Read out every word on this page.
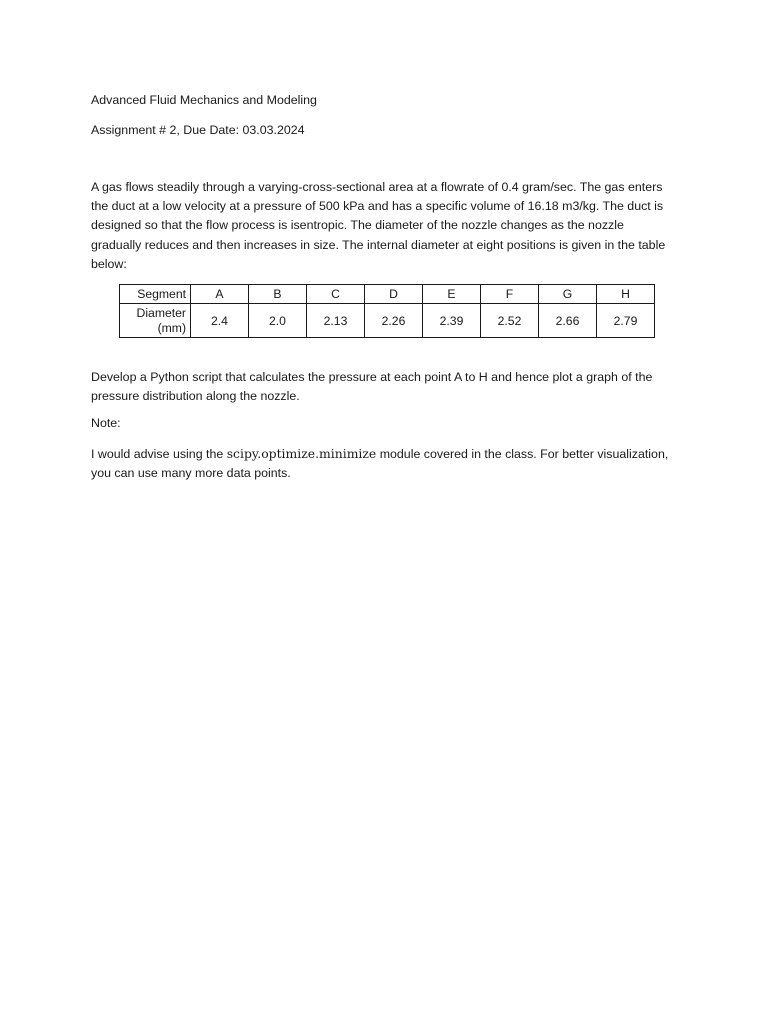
Advanced Fluid Mechanics and Modeling
Assignment # 2, Due Date: 03.03.2024
A gas flows steadily through a varying-cross-sectional area at a flowrate of 0.4 gram/sec. The gas enters
the duct at a low velocity at a pressure of 500 kPa and has a specific volume of 16.18 m3/kg. The duct is
designed so that the flow process is isentropic. The diameter of the nozzle changes as the nozzle
gradually reduces and then increases in size. The internal diameter at eight positions is given in the table
below:
Segment	A	B	C	D	E	F	G	H

Diameter
(mm)	2.4	2.0	2.13	2.26	2.39	2.52	2.66	2.79
Develop a Python script that calculates the pressure at each point A to H and hence plot a graph of the
pressure distribution along the nozzle.
Note:
I would advise using the scipy.optimize.minimize module covered in the class. For better visualization,
you can use many more data points.
